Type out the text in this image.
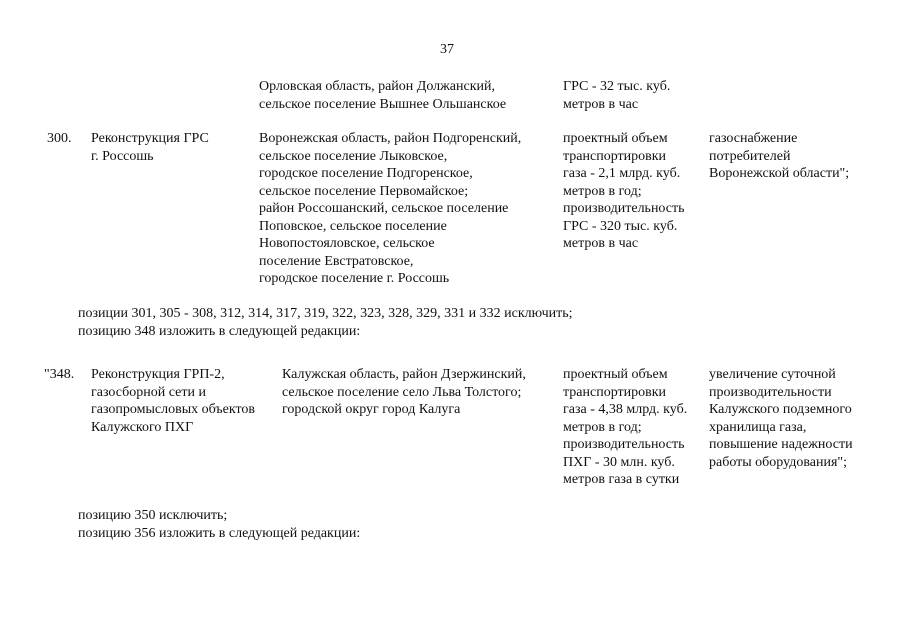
37
Орловская область, район Должанский,
сельское поселение Вышнее Ольшанское
ГРС - 32 тыс. куб.
метров в час
300. Реконструкция ГРС
г. Россошь
Воронежская область, район Подгоренский,
сельское поселение Лыковское,
городское поселение Подгоренское,
сельское поселение Первомайское;
район Россошанский, сельское поселение
Поповское, сельское поселение
Новопостояловское, сельское
поселение Евстратовское,
городское поселение г. Россошь
проектный объем
транспортировки
газа - 2,1 млрд. куб.
метров в год;
производительность
ГРС - 320 тыс. куб.
метров в час
газоснабжение
потребителей
Воронежской области";
позиции 301, 305 - 308, 312, 314, 317, 319, 322, 323, 328, 329, 331 и 332 исключить;
позицию 348 изложить в следующей редакции:
"348. Реконструкция ГРП-2,
газосборной сети и
газопромысловых объектов
Калужского ПХГ
Калужская область, район Дзержинский,
сельское поселение село Льва Толстого;
городской округ город Калуга
проектный объем
транспортировки
газа - 4,38 млрд. куб.
метров в год;
производительность
ПХГ - 30 млн. куб.
метров газа в сутки
увеличение суточной
производительности
Калужского подземного
хранилища газа,
повышение надежности
работы оборудования";
позицию 350 исключить;
позицию 356 изложить в следующей редакции:
